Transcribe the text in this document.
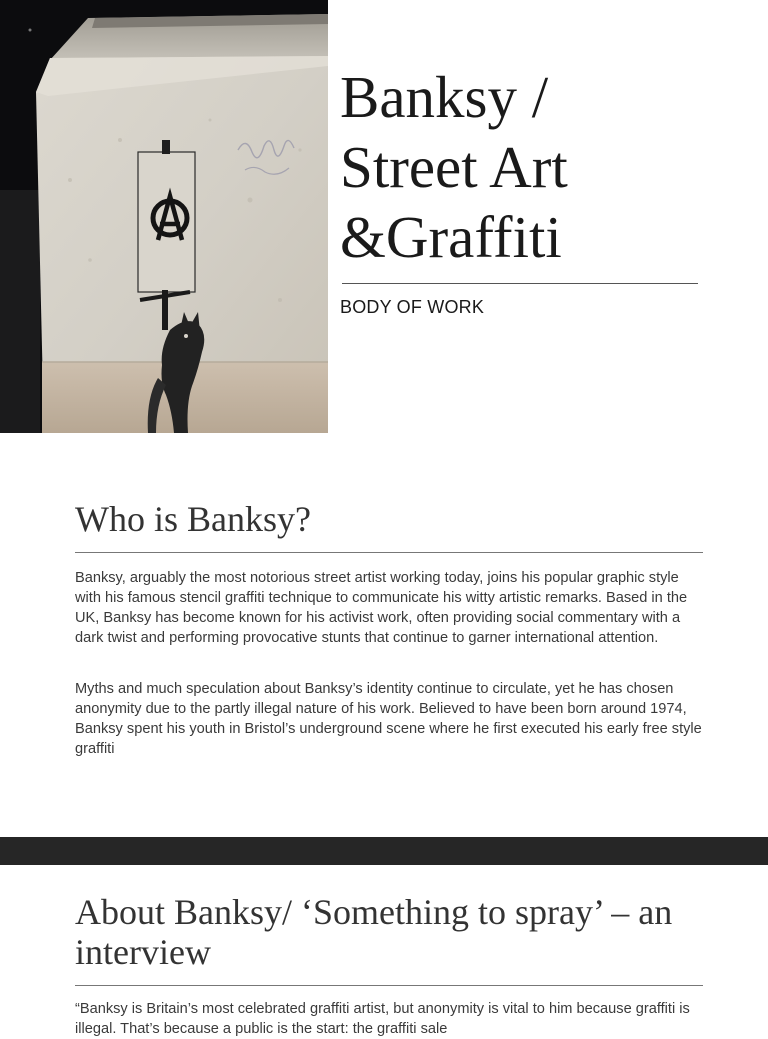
Banksy /
Street Art
&Graffiti
BODY OF WORK
Who is Banksy?

Banksy, arguably the most notorious street artist working today, joins his popular graphic style with his famous stencil graffiti technique to communicate his witty artistic remarks. Based in the UK, Banksy has become known for his activist work, often providing social commentary with a dark twist and performing provocative stunts that continue to garner international attention.

Myths and much speculation about Banksy’s identity continue to circulate, yet he has chosen anonymity due to the partly illegal nature of his work. Believed to have been born around 1974, Banksy spent his youth in Bristol’s underground scene where he first executed his early free style graffiti

About Banksy/ ‘Something to spray’ – an interview

“Banksy is Britain’s most celebrated graffiti artist, but anonymity is vital to him because graffiti is illegal. That’s because a public is the start: the graffiti sale
